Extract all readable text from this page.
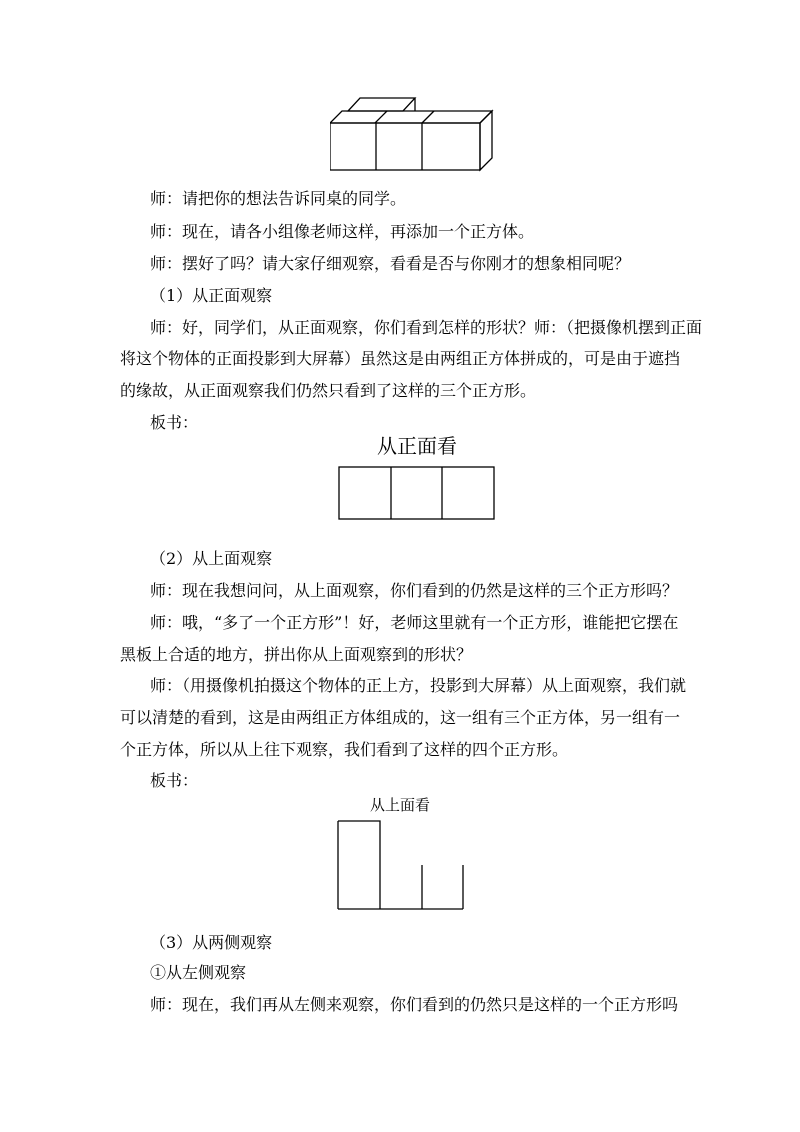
师：请把你的想法告诉同桌的同学。

师：现在，请各小组像老师这样，再添加一个正方体。

师：摆好了吗？请大家仔细观察，看看是否与你刚才的想象相同呢？

（1）从正面观察

师：好，同学们，从正面观察，你们看到怎样的形状？师：（把摄像机摆到正面

将这个物体的正面投影到大屏幕）虽然这是由两组正方体拼成的，可是由于遮挡

的缘故，从正面观察我们仍然只看到了这样的三个正方形。

板书：

从正面看

（2）从上面观察

师：现在我想问问，从上面观察，你们看到的仍然是这样的三个正方形吗？

师：哦，“多了一个正方形”！好，老师这里就有一个正方形，谁能把它摆在

黑板上合适的地方，拼出你从上面观察到的形状？

师：（用摄像机拍摄这个物体的正上方，投影到大屏幕）从上面观察，我们就

可以清楚的看到，这是由两组正方体组成的，这一组有三个正方体，另一组有一

个正方体，所以从上往下观察，我们看到了这样的四个正方形。

板书：

从上面看

（3）从两侧观察

①从左侧观察

师：现在，我们再从左侧来观察，你们看到的仍然只是这样的一个正方形吗
